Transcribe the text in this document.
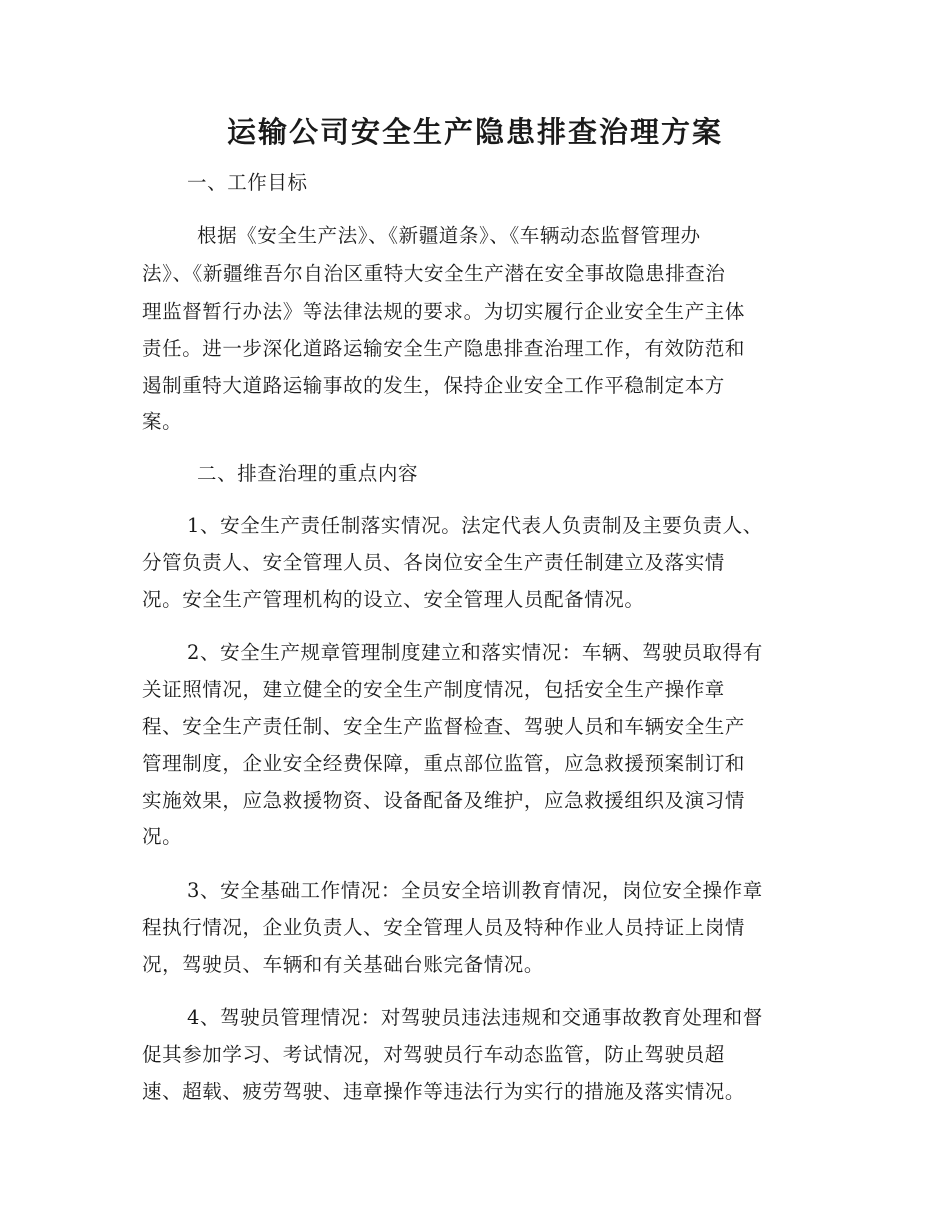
运输公司安全生产隐患排查治理方案

一、工作目标

根据《安全生产法》、《新疆道条》、《车辆动态监督管理办

法》、《新疆维吾尔自治区重特大安全生产潜在安全事故隐患排查治

理监督暂行办法》等法律法规的要求。为切实履行企业安全生产主体

责任。进一步深化道路运输安全生产隐患排查治理工作，有效防范和

遏制重特大道路运输事故的发生，保持企业安全工作平稳制定本方

案。

二、排查治理的重点内容

1、安全生产责任制落实情况。法定代表人负责制及主要负责人、

分管负责人、安全管理人员、各岗位安全生产责任制建立及落实情

况。安全生产管理机构的设立、安全管理人员配备情况。

2、安全生产规章管理制度建立和落实情况：车辆、驾驶员取得有

关证照情况，建立健全的安全生产制度情况，包括安全生产操作章

程、安全生产责任制、安全生产监督检查、驾驶人员和车辆安全生产

管理制度，企业安全经费保障，重点部位监管，应急救援预案制订和

实施效果，应急救援物资、设备配备及维护，应急救援组织及演习情

况。

3、安全基础工作情况：全员安全培训教育情况，岗位安全操作章

程执行情况，企业负责人、安全管理人员及特种作业人员持证上岗情

况，驾驶员、车辆和有关基础台账完备情况。

4、驾驶员管理情况：对驾驶员违法违规和交通事故教育处理和督

促其参加学习、考试情况，对驾驶员行车动态监管，防止驾驶员超

速、超载、疲劳驾驶、违章操作等违法行为实行的措施及落实情况。
